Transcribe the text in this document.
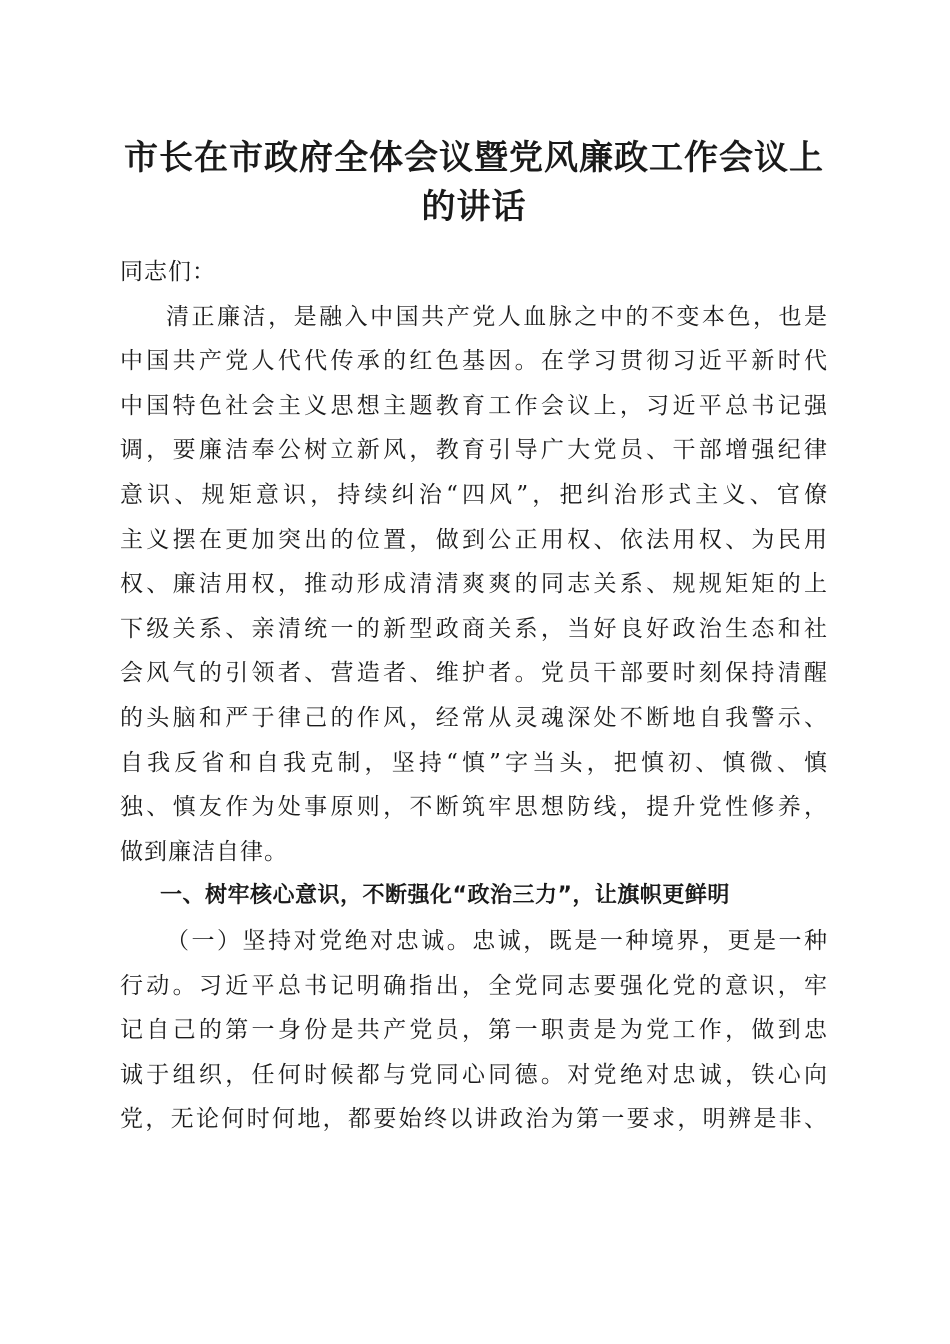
市长在市政府全体会议暨党风廉政工作会议上
的讲话

同志们：

清正廉洁，是融入中国共产党人血脉之中的不变本色，也是
中国共产党人代代传承的红色基因。在学习贯彻习近平新时代
中国特色社会主义思想主题教育工作会议上，习近平总书记强
调，要廉洁奉公树立新风，教育引导广大党员、干部增强纪律
意识、规矩意识，持续纠治“四风”，把纠治形式主义、官僚
主义摆在更加突出的位置，做到公正用权、依法用权、为民用
权、廉洁用权，推动形成清清爽爽的同志关系、规规矩矩的上
下级关系、亲清统一的新型政商关系，当好良好政治生态和社
会风气的引领者、营造者、维护者。党员干部要时刻保持清醒
的头脑和严于律己的作风，经常从灵魂深处不断地自我警示、
自我反省和自我克制，坚持“慎”字当头，把慎初、慎微、慎
独、慎友作为处事原则，不断筑牢思想防线，提升党性修养，
做到廉洁自律。

一、树牢核心意识，不断强化“政治三力”，让旗帜更鲜明

（一）坚持对党绝对忠诚。忠诚，既是一种境界，更是一种
行动。习近平总书记明确指出，全党同志要强化党的意识，牢
记自己的第一身份是共产党员，第一职责是为党工作，做到忠
诚于组织，任何时候都与党同心同德。对党绝对忠诚，铁心向
党，无论何时何地，都要始终以讲政治为第一要求，明辨是非、
